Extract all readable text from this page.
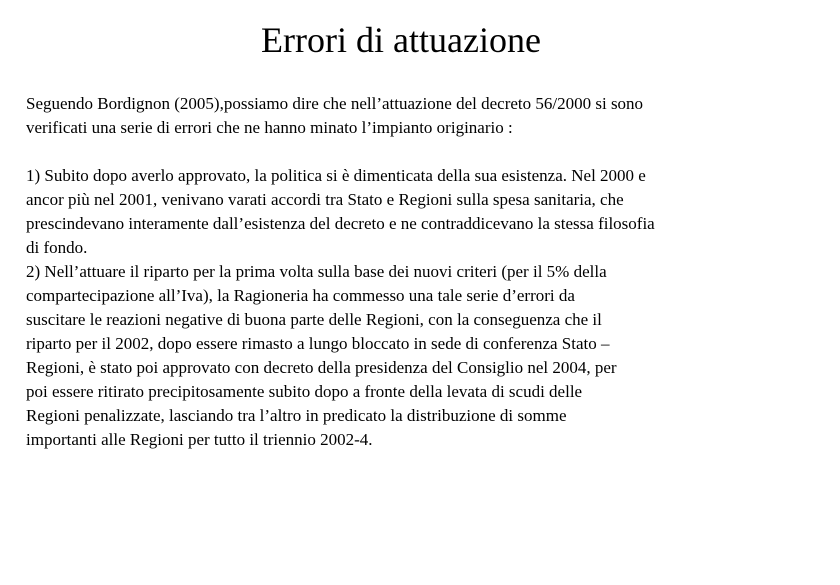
Errori di attuazione

Seguendo Bordignon (2005),possiamo dire che nell’attuazione del decreto 56/2000 si sono

verificati una serie di errori che ne hanno minato l’impianto originario :

1) Subito dopo averlo approvato, la politica si è dimenticata della sua esistenza. Nel 2000 e

ancor più nel 2001, venivano varati accordi tra Stato e Regioni sulla spesa sanitaria, che

prescindevano interamente dall’esistenza del decreto e ne contraddicevano la stessa filosofia

di fondo.

2) Nell’attuare il riparto per la prima volta sulla base dei nuovi criteri (per il 5% della

compartecipazione all’Iva), la Ragioneria ha commesso una tale serie d’errori da

suscitare le reazioni negative di buona parte delle Regioni, con la conseguenza che il

riparto per il 2002, dopo essere rimasto a lungo bloccato in sede di conferenza Stato –

Regioni, è stato poi approvato con decreto della presidenza del Consiglio nel 2004, per

poi essere ritirato precipitosamente subito dopo a fronte della levata di scudi delle

Regioni penalizzate, lasciando tra l’altro in predicato la distribuzione di somme

importanti alle Regioni per tutto il triennio 2002-4.
